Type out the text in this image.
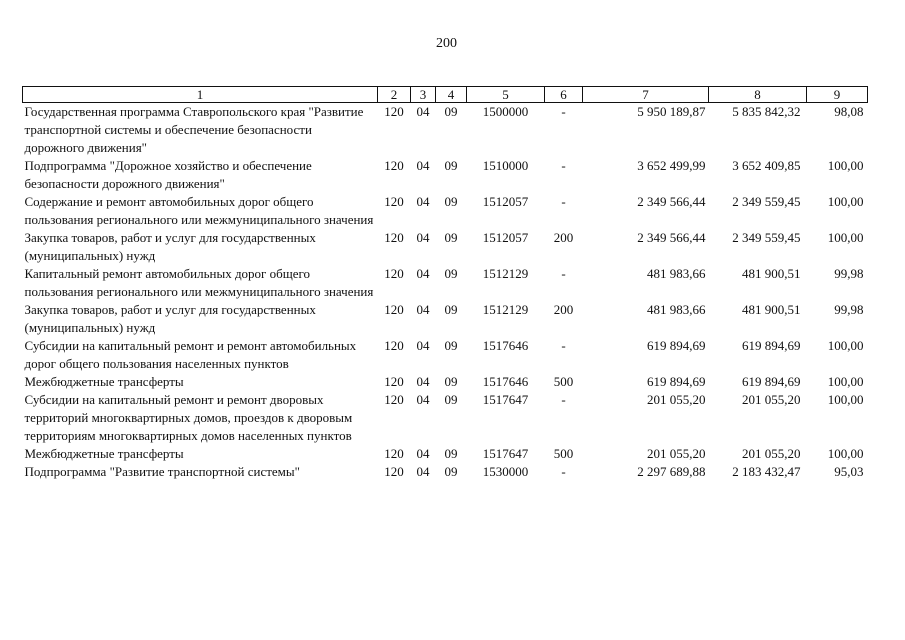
200
1	2	3	4	5	6	7	8	9
Государственная программа Ставропольского края "Развитие транспортной системы и обеспечение безопасности дорожного движения"	120	04	09	1500000	-	5 950 189,87	5 835 842,32	98,08
Подпрограмма "Дорожное хозяйство и обеспечение безопасности дорожного движения"	120	04	09	1510000	-	3 652 499,99	3 652 409,85	100,00
Содержание и ремонт автомобильных дорог общего пользования регионального или межмуниципального значения	120	04	09	1512057	-	2 349 566,44	2 349 559,45	100,00
Закупка товаров, работ и услуг для государственных (муниципальных) нужд	120	04	09	1512057	200	2 349 566,44	2 349 559,45	100,00
Капитальный ремонт автомобильных дорог общего пользования регионального или межмуниципального значения	120	04	09	1512129	-	481 983,66	481 900,51	99,98
Закупка товаров, работ и услуг для государственных (муниципальных) нужд	120	04	09	1512129	200	481 983,66	481 900,51	99,98
Субсидии на капитальный ремонт и ремонт автомобильных дорог общего пользования населенных пунктов	120	04	09	1517646	-	619 894,69	619 894,69	100,00
Межбюджетные трансферты	120	04	09	1517646	500	619 894,69	619 894,69	100,00
Субсидии на капитальный ремонт и ремонт дворовых территорий многоквартирных домов, проездов к дворовым территориям многоквартирных домов населенных пунктов	120	04	09	1517647	-	201 055,20	201 055,20	100,00
Межбюджетные трансферты	120	04	09	1517647	500	201 055,20	201 055,20	100,00
Подпрограмма "Развитие транспортной системы"	120	04	09	1530000	-	2 297 689,88	2 183 432,47	95,03
